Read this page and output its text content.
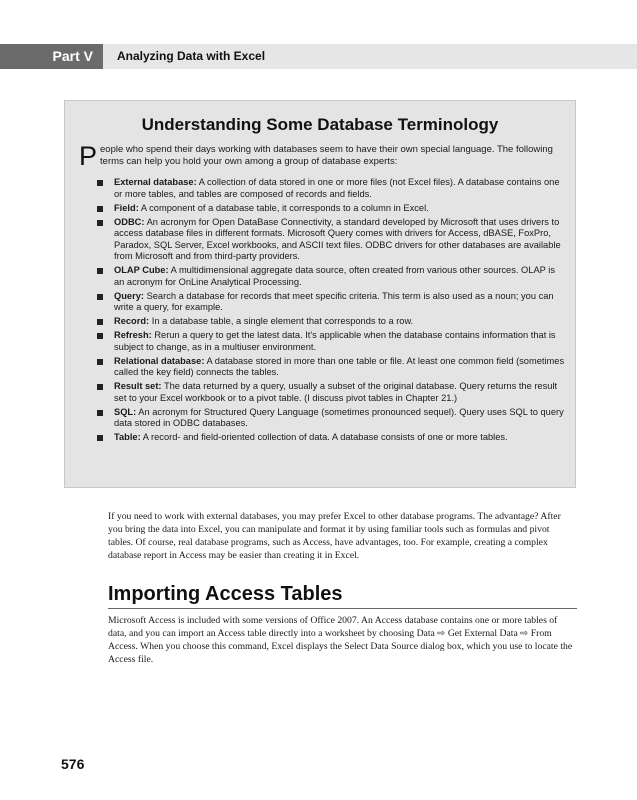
Part V	Analyzing Data with Excel
Understanding Some Database Terminology
People who spend their days working with databases seem to have their own special language. The following terms can help you hold your own among a group of database experts:
External database: A collection of data stored in one or more files (not Excel files). A database contains one or more tables, and tables are composed of records and fields.
Field: A component of a database table, it corresponds to a column in Excel.
ODBC: An acronym for Open DataBase Connectivity, a standard developed by Microsoft that uses drivers to access database files in different formats. Microsoft Query comes with drivers for Access, dBASE, FoxPro, Paradox, SQL Server, Excel workbooks, and ASCII text files. ODBC drivers for other databases are available from Microsoft and from third-party providers.
OLAP Cube: A multidimensional aggregate data source, often created from various other sources. OLAP is an acronym for OnLine Analytical Processing.
Query: Search a database for records that meet specific criteria. This term is also used as a noun; you can write a query, for example.
Record: In a database table, a single element that corresponds to a row.
Refresh: Rerun a query to get the latest data. It's applicable when the database contains information that is subject to change, as in a multiuser environment.
Relational database: A database stored in more than one table or file. At least one common field (sometimes called the key field) connects the tables.
Result set: The data returned by a query, usually a subset of the original database. Query returns the result set to your Excel workbook or to a pivot table. (I discuss pivot tables in Chapter 21.)
SQL: An acronym for Structured Query Language (sometimes pronounced sequel). Query uses SQL to query data stored in ODBC databases.
Table: A record- and field-oriented collection of data. A database consists of one or more tables.

If you need to work with external databases, you may prefer Excel to other database programs. The advantage? After you bring the data into Excel, you can manipulate and format it by using familiar tools such as formulas and pivot tables. Of course, real database programs, such as Access, have advantages, too. For example, creating a complex database report in Access may be easier than creating it in Excel.

Importing Access Tables

Microsoft Access is included with some versions of Office 2007. An Access database contains one or more tables of data, and you can import an Access table directly into a worksheet by choosing Data ⇨ Get External Data ⇨ From Access. When you choose this command, Excel displays the Select Data Source dialog box, which you use to locate the Access file.

576
